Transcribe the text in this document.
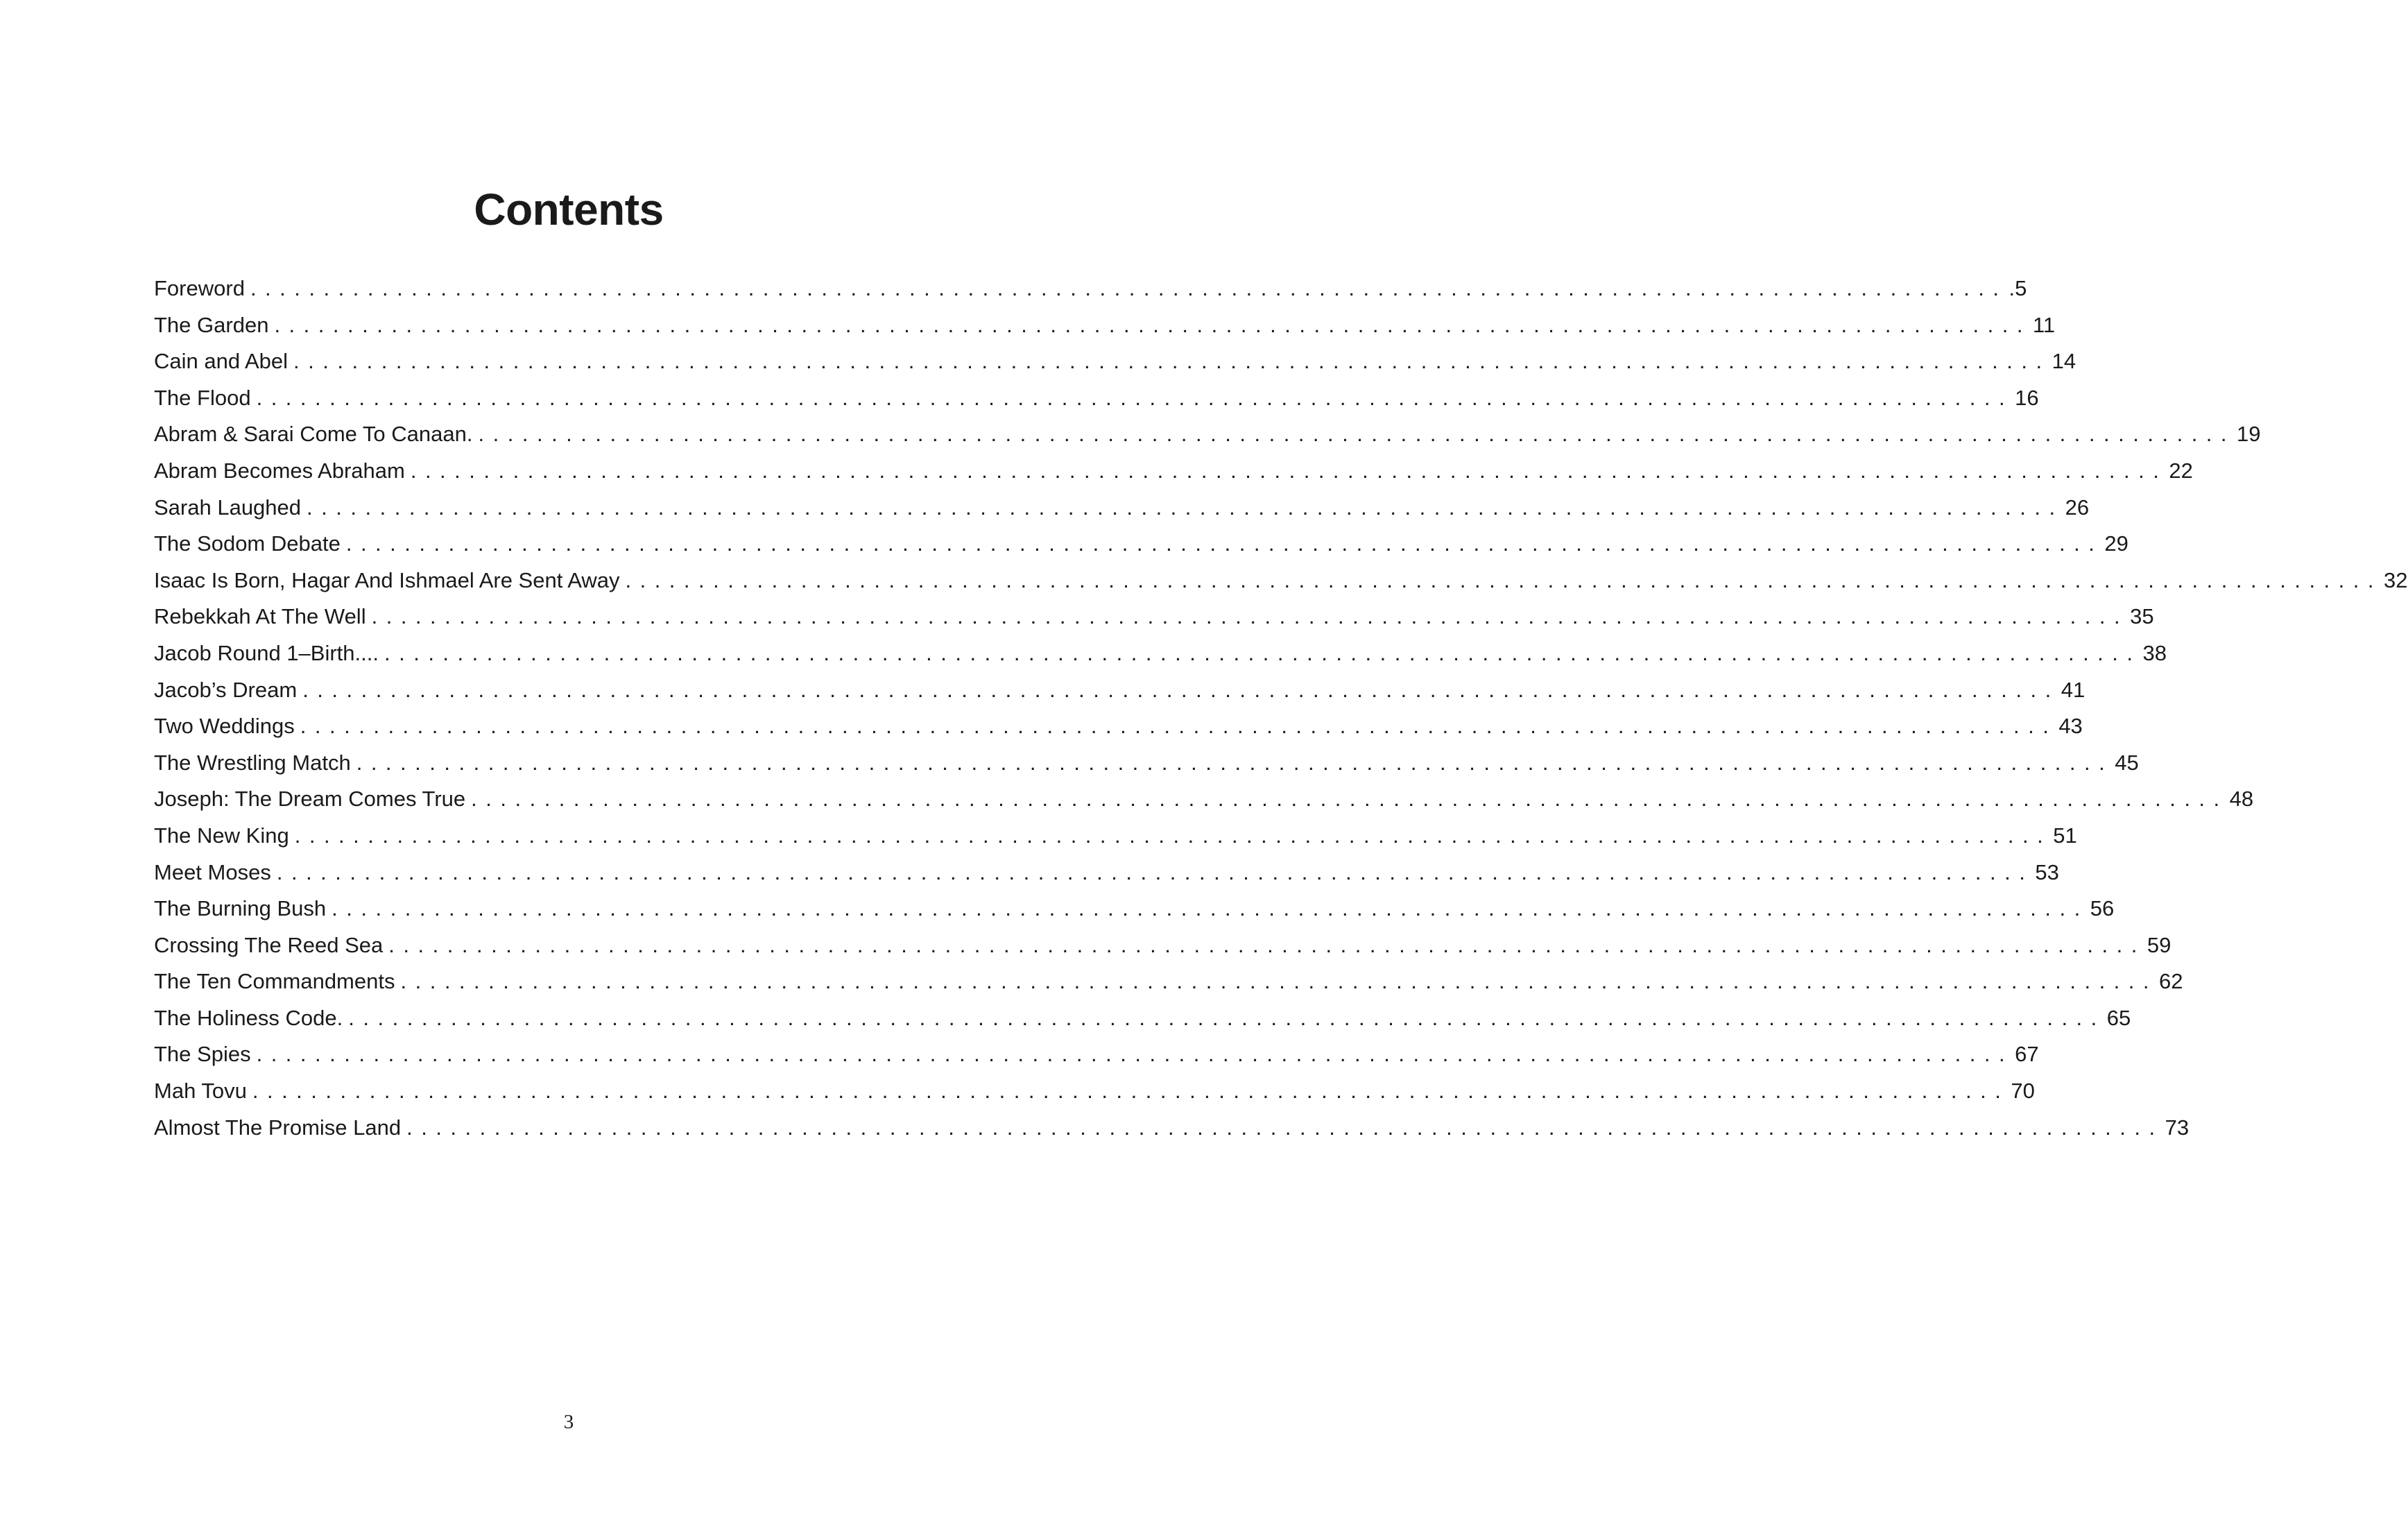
Contents
Foreword ........................................................................................................................ .5
The Garden ........................................................................................................................ 11
Cain and Abel ........................................................................................................................ 14
The Flood ........................................................................................................................ 16
Abram & Sarai Come To Canaan. ........................................................................................................................ 19
Abram Becomes Abraham ........................................................................................................................ 22
Sarah Laughed ........................................................................................................................ 26
The Sodom Debate ........................................................................................................................ 29
Isaac Is Born, Hagar And Ishmael Are Sent Away ........................................................................................................................ 32
Rebekkah At The Well ........................................................................................................................ 35
Jacob Round 1–Birth.... ........................................................................................................................ 38
Jacob’s Dream ........................................................................................................................ 41
Two Weddings ........................................................................................................................ 43
The Wrestling Match ........................................................................................................................ 45
Joseph: The Dream Comes True ........................................................................................................................ 48
The New King ........................................................................................................................ 51
Meet Moses ........................................................................................................................ 53
The Burning Bush ........................................................................................................................ 56
Crossing The Reed Sea ........................................................................................................................ 59
The Ten Commandments ........................................................................................................................ 62
The Holiness Code. ........................................................................................................................ 65
The Spies ........................................................................................................................ 67
Mah Tovu ........................................................................................................................ 70
Almost The Promise Land ........................................................................................................................ 73
3
